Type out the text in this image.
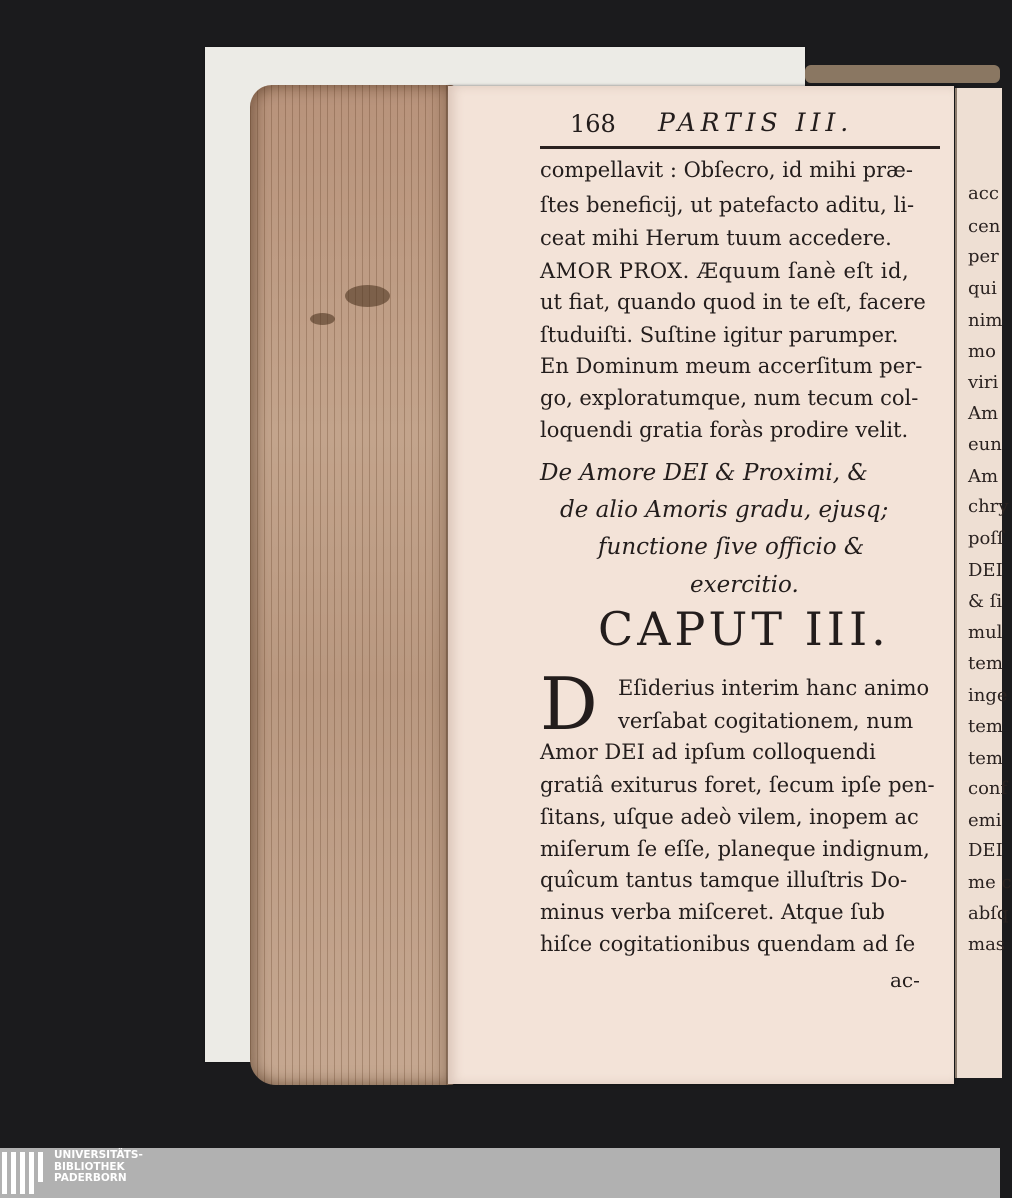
acc
cen
per
qui
nim
mo
viri
Am
eun
Am
chry
poſſ
DEI
& ſi
mul
tem
inge
tem
tem
conf
emi
DEI
me c
abſq
mas
168 PARTIS III.
compellavit : Obſecro, id mihi præ-
ſtes beneficij, ut patefacto aditu, li-
ceat mihi Herum tuum accedere.
AMOR PROX. Æquum ſanè eſt id,
ut fiat, quando quod in te eſt, facere
ſtuduiſti. Suſtine igitur parumper.
En Dominum meum accerſitum per-
go, exploratumque, num tecum col-
loquendi gratia foràs prodire velit.
De Amore DEI & Proximi, &
de alio Amoris gradu, ejusq;
functione ſive officio &
exercitio.
CAPUT III.
D Eſiderius interim hanc animo
verſabat cogitationem, num
Amor DEI ad ipſum colloquendi
gratiâ exiturus foret, ſecum ipſe pen-
ſitans, uſque adeò vilem, inopem ac
miſerum ſe eſſe, planeque indignum,
quîcum tantus tamque illuſtris Do-
minus verba miſceret. Atque ſub
hiſce cogitationibus quendam ad ſe
ac-
UNIVERSITÄTS-
BIBLIOTHEK
PADERBORN
